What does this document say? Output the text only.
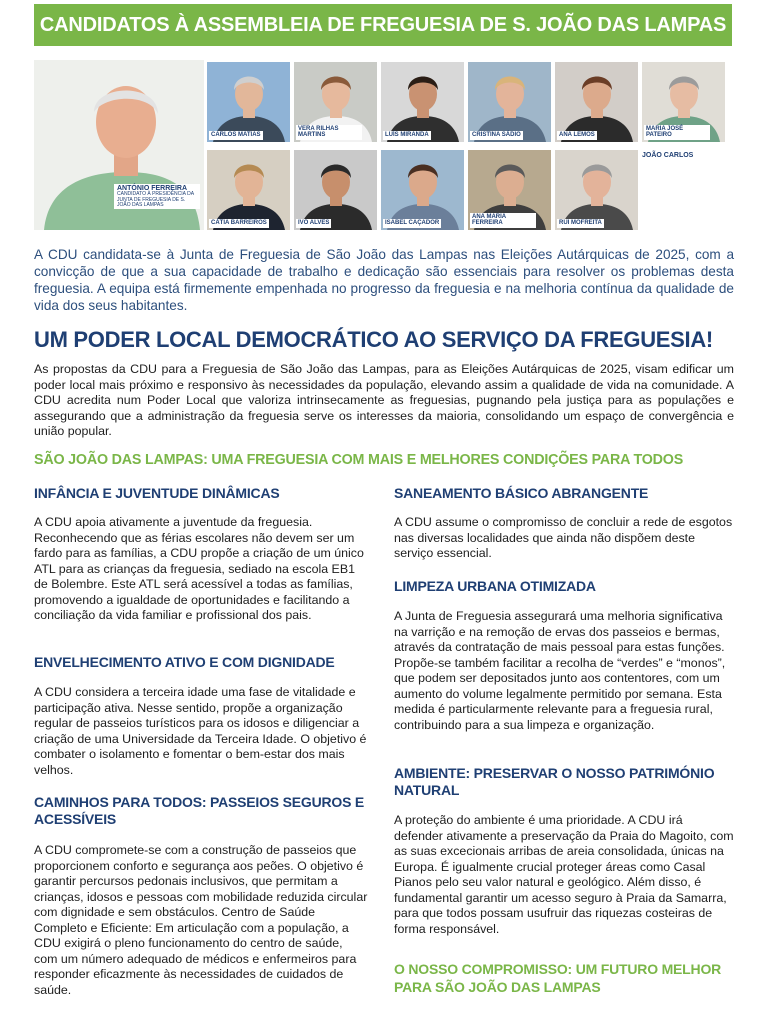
CANDIDATOS À ASSEMBLEIA DE FREGUESIA DE S. JOÃO DAS LAMPAS
ANTÓNIO FERREIRA
CANDIDATO À PRESIDÊNCIA DA JUNTA DE FREGUESIA DE S. JOÃO DAS LAMPAS
CARLOS MATIAS
VERA RILHAS MARTINS	LUÍS MIRANDA	CRISTINA SÁDIO	ANA LEMOS
MARIA JOSÉ PATEIRO
CÁTIA BARREIROS	IVO ALVES	ISABEL CAÇADOR
ANA MARIA FERREIRA	RUI MOFREITA
JOÃO CARLOS

A CDU candidata-se à Junta de Freguesia de São João das Lampas nas Eleições Autárquicas de 2025, com a convicção de que a sua capacidade de trabalho e dedicação são essenciais para resolver os problemas desta freguesia. A equipa está firmemente empenhada no progresso da freguesia e na melhoria contínua da qualidade de vida dos seus habitantes.

UM PODER LOCAL DEMOCRÁTICO AO SERVIÇO DA FREGUESIA!

As propostas da CDU para a Freguesia de São João das Lampas, para as Eleições Autárquicas de 2025, visam edificar um poder local mais próximo e responsivo às necessidades da população, elevando assim a qualidade de vida na comunidade. A CDU acredita num Poder Local que valoriza intrinsecamente as freguesias, pugnando pela justiça para as populações e assegurando que a administração da freguesia serve os interesses da maioria, consolidando um espaço de convergência e união popular.

SÃO JOÃO DAS LAMPAS: UMA FREGUESIA COM MAIS E MELHORES CONDIÇÕES PARA TODOS
INFÂNCIA E JUVENTUDE DINÂMICAS

A CDU apoia ativamente a juventude da freguesia. Reconhecendo que as férias escolares não devem ser um fardo para as famílias, a CDU propõe a criação de um único ATL para as crianças da freguesia, sediado na escola EB1 de Bolembre. Este ATL será acessível a todas as famílias, promovendo a igualdade de oportunidades e facilitando a conciliação da vida familiar e profissional dos pais.

ENVELHECIMENTO ATIVO E COM DIGNIDADE

A CDU considera a terceira idade uma fase de vitalidade e participação ativa. Nesse sentido, propõe a organização regular de passeios turísticos para os idosos e diligenciar a criação de uma Universidade da Terceira Idade. O objetivo é combater o isolamento e fomentar o bem-estar dos mais velhos.

CAMINHOS PARA TODOS: PASSEIOS SEGUROS E ACESSÍVEIS

A CDU compromete-se com a construção de passeios que proporcionem conforto e segurança aos peões. O objetivo é garantir percursos pedonais inclusivos, que permitam a crianças, idosos e pessoas com mobilidade reduzida circular com dignidade e sem obstáculos. Centro de Saúde Completo e Eficiente: Em articulação com a população, a CDU exigirá o pleno funcionamento do centro de saúde, com um número adequado de médicos e enfermeiros para responder eficazmente às necessidades de cuidados de saúde.

SANEAMENTO BÁSICO ABRANGENTE

A CDU assume o compromisso de concluir a rede de esgotos nas diversas localidades que ainda não dispõem deste serviço essencial.

LIMPEZA URBANA OTIMIZADA

A Junta de Freguesia assegurará uma melhoria significativa na varrição e na remoção de ervas dos passeios e bermas, através da contratação de mais pessoal para estas funções. Propõe-se também facilitar a recolha de “verdes” e “monos”, que podem ser depositados junto aos contentores, com um aumento do volume legalmente permitido por semana. Esta medida é particularmente relevante para a freguesia rural, contribuindo para a sua limpeza e organização.

AMBIENTE: PRESERVAR O NOSSO PATRIMÓNIO NATURAL

A proteção do ambiente é uma prioridade. A CDU irá defender ativamente a preservação da Praia do Magoito, com as suas excecionais arribas de areia consolidada, únicas na Europa. É igualmente crucial proteger áreas como Casal Pianos pelo seu valor natural e geológico. Além disso, é fundamental garantir um acesso seguro à Praia da Samarra, para que todos possam usufruir das riquezas costeiras de forma responsável.

O NOSSO COMPROMISSO: UM FUTURO MELHOR PARA SÃO JOÃO DAS LAMPAS
